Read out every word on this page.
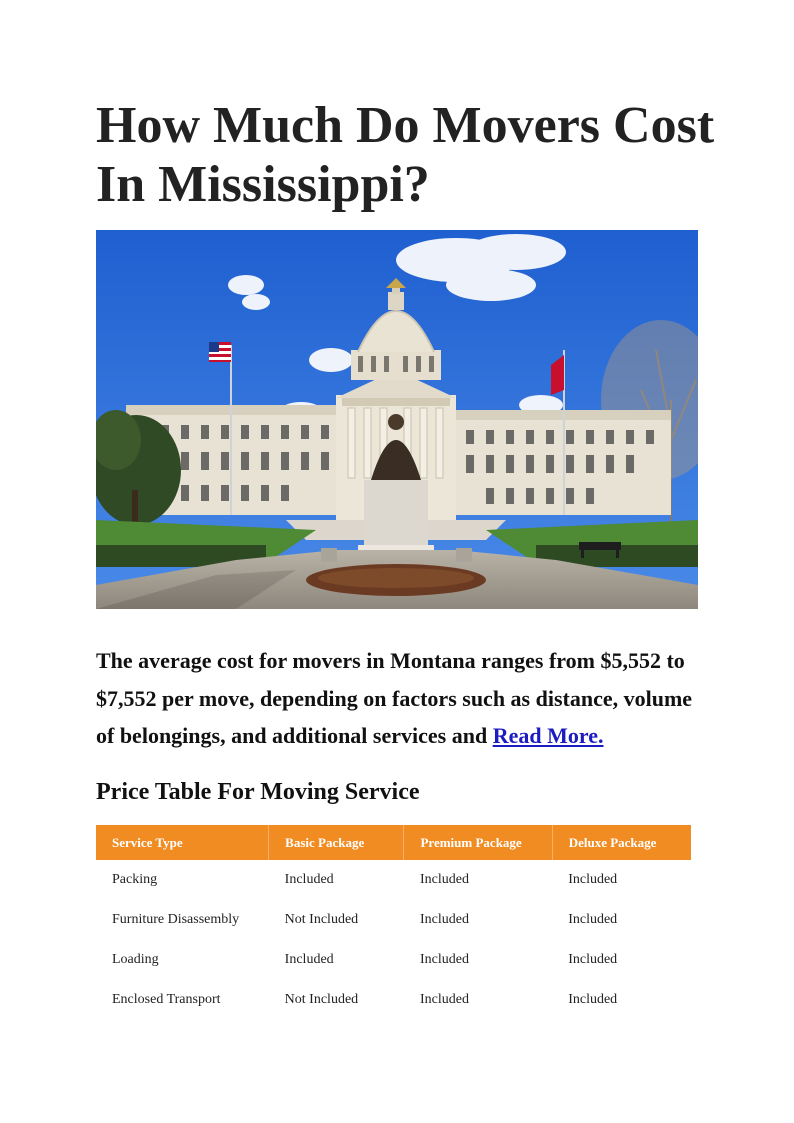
How Much Do Movers Cost
In Mississippi?

The average cost for movers in Montana ranges from $5,552 to $7,552 per move, depending on factors such as distance, volume of belongings, and additional services and Read More.

Price Table For Moving Service
Service Type	Basic Package	Premium Package	Deluxe Package
Packing	Included	Included	Included
Furniture Disassembly	Not Included	Included	Included
Loading	Included	Included	Included
Enclosed Transport	Not Included	Included	Included
